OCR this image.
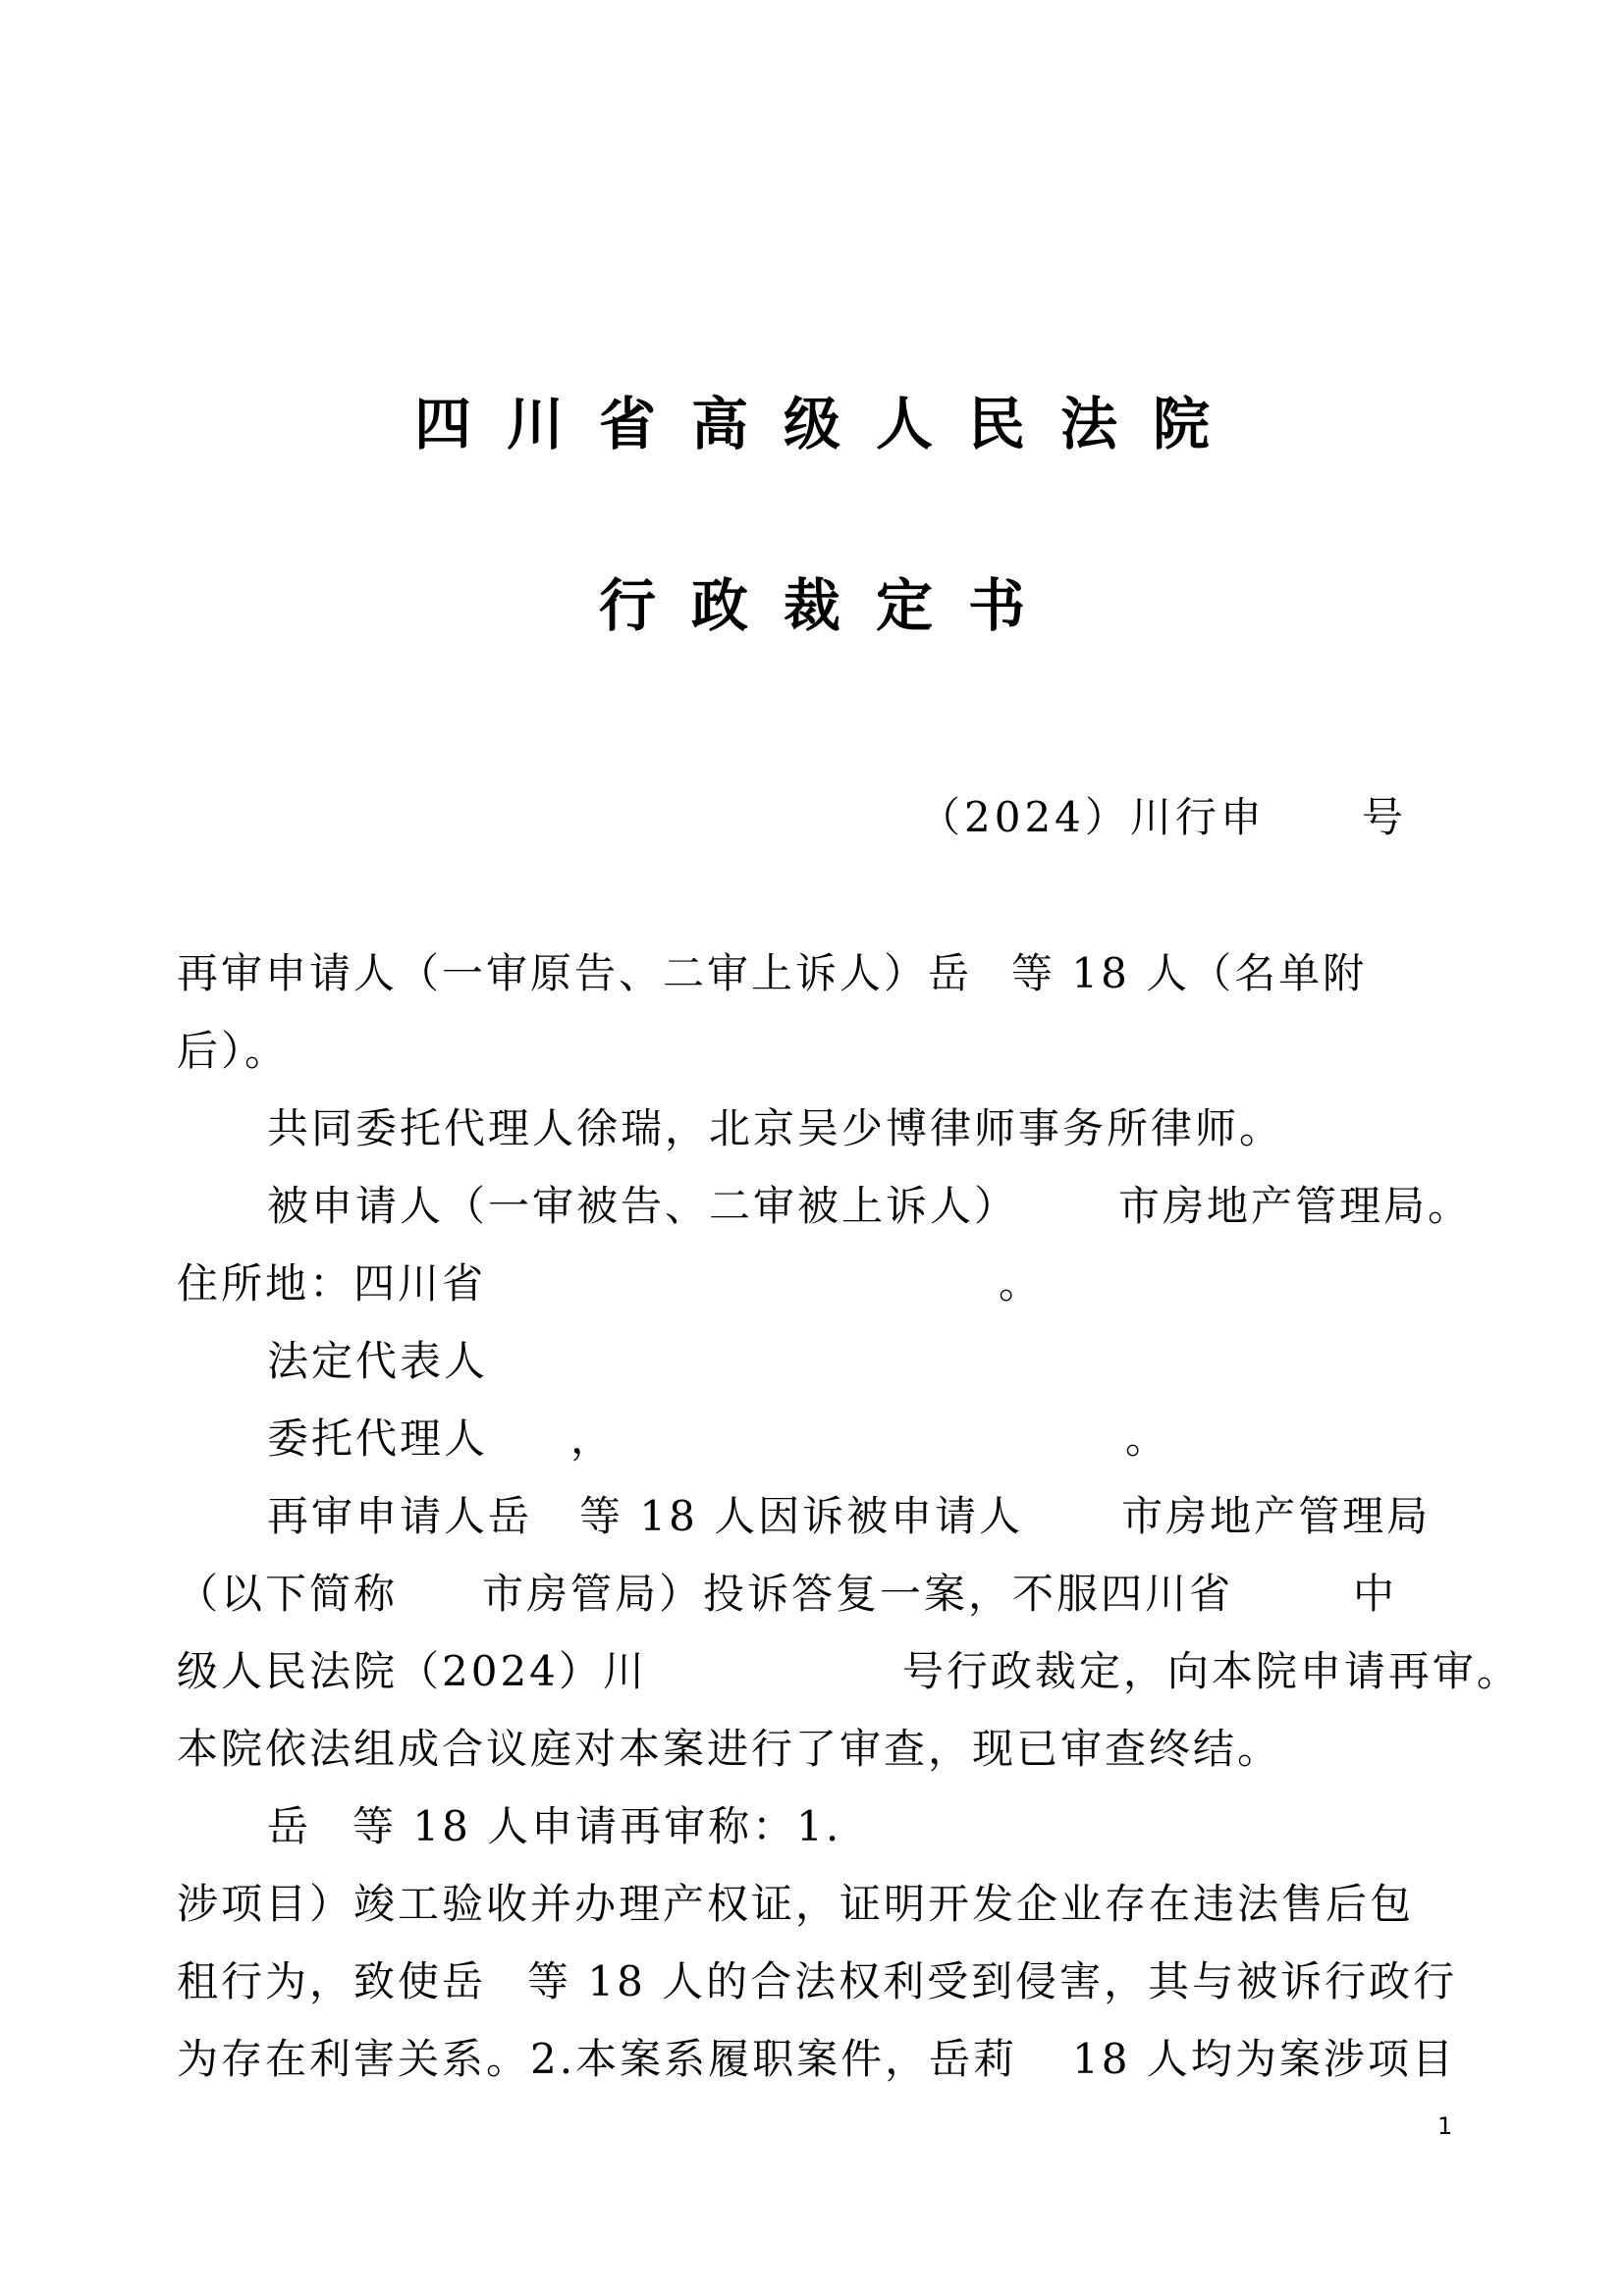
四川省高级人民法院
行政裁定书
（2024）川行申 号
再审申请人（一审原告、二审上诉人）岳 等 18 人（名单附
后）。
共同委托代理人徐瑞，北京吴少博律师事务所律师。
被申请人（一审被告、二审被上诉人） 市房地产管理局。
住所地：四川省	。
法定代表人
委托代理人 ，	。
再审申请人岳 等 18 人因诉被申请人 市房地产管理局
（以下简称 市房管局）投诉答复一案，不服四川省	中
级人民法院（2024）川	号行政裁定，向本院申请再审。
本院依法组成合议庭对本案进行了审查，现已审查终结。
岳 等 18 人申请再审称：1.
涉项目）竣工验收并办理产权证，证明开发企业存在违法售后包
租行为，致使岳 等 18 人的合法权利受到侵害，其与被诉行政行
为存在利害关系。2.本案系履职案件，岳莉 18 人均为案涉项目
1
